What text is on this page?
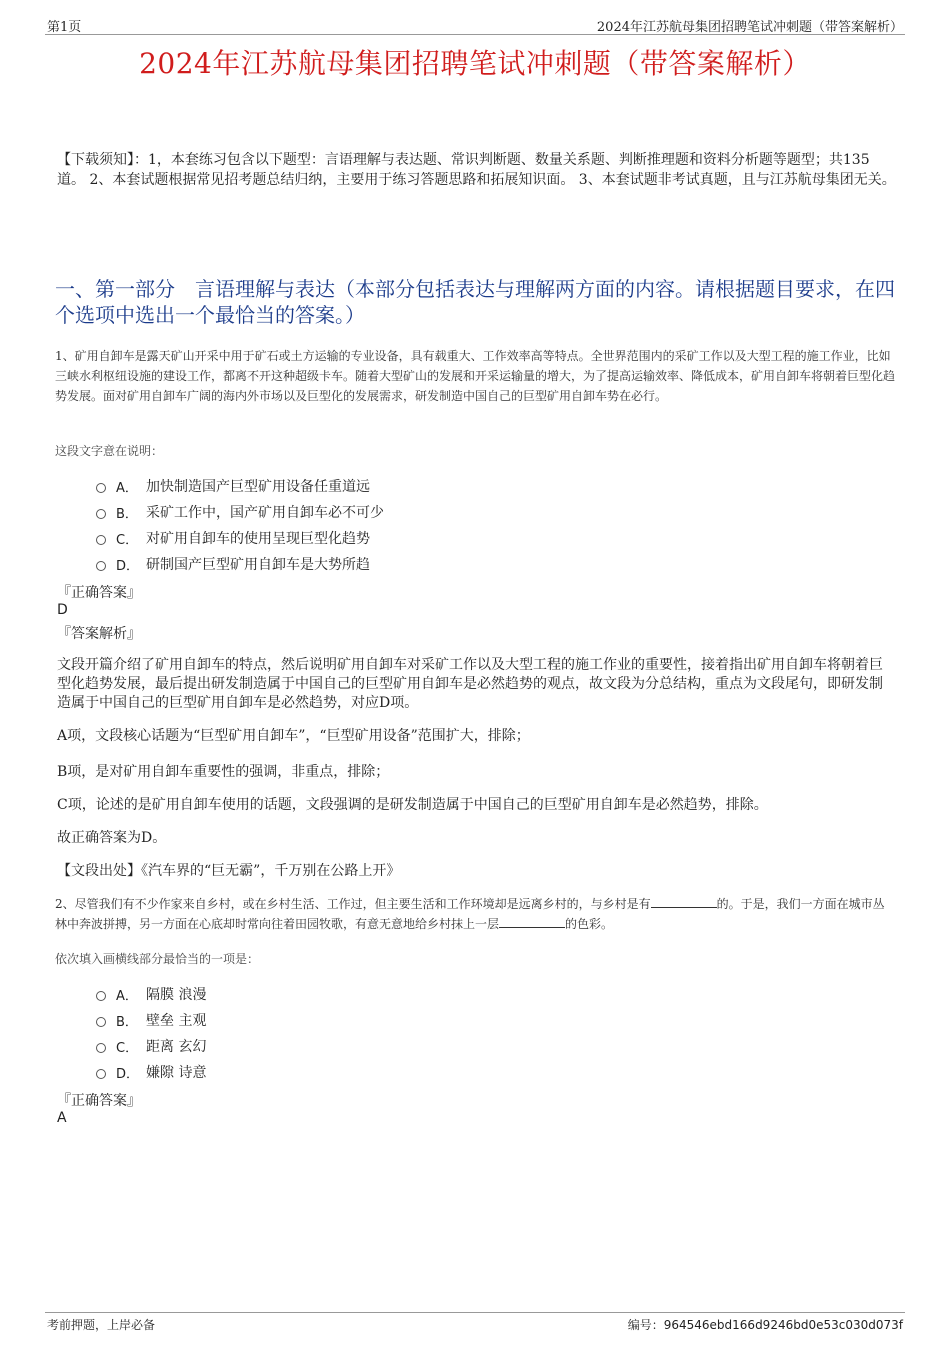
第1页	2024年江苏航母集团招聘笔试冲刺题（带答案解析）
2024年江苏航母集团招聘笔试冲刺题（带答案解析）
【下载须知】：1，本套练习包含以下题型：言语理解与表达题、常识判断题、数量关系题、判断推理题和资料分析题等题型；共135道。 2、本套试题根据常见招考题总结归纳，主要用于练习答题思路和拓展知识面。 3、本套试题非考试真题，且与江苏航母集团无关。
一、第一部分　言语理解与表达（本部分包括表达与理解两方面的内容。请根据题目要求，在四个选项中选出一个最恰当的答案。）
1、矿用自卸车是露天矿山开采中用于矿石或土方运输的专业设备，具有载重大、工作效率高等特点。全世界范围内的采矿工作以及大型工程的施工作业，比如三峡水利枢纽设施的建设工作，都离不开这种超级卡车。随着大型矿山的发展和开采运输量的增大，为了提高运输效率、降低成本，矿用自卸车将朝着巨型化趋势发展。面对矿用自卸车广阔的海内外市场以及巨型化的发展需求，研发制造中国自己的巨型矿用自卸车势在必行。
这段文字意在说明：
A． 加快制造国产巨型矿用设备任重道远
B． 采矿工作中，国产矿用自卸车必不可少
C． 对矿用自卸车的使用呈现巨型化趋势
D． 研制国产巨型矿用自卸车是大势所趋
『正确答案』
D
『答案解析』
文段开篇介绍了矿用自卸车的特点，然后说明矿用自卸车对采矿工作以及大型工程的施工作业的重要性，接着指出矿用自卸车将朝着巨型化趋势发展，最后提出研发制造属于中国自己的巨型矿用自卸车是必然趋势的观点，故文段为分总结构，重点为文段尾句，即研发制造属于中国自己的巨型矿用自卸车是必然趋势，对应D项。
A项，文段核心话题为“巨型矿用自卸车”，“巨型矿用设备”范围扩大，排除；
B项，是对矿用自卸车重要性的强调，非重点，排除；
C项，论述的是矿用自卸车使用的话题，文段强调的是研发制造属于中国自己的巨型矿用自卸车是必然趋势，排除。
故正确答案为D。
【文段出处】《汽车界的“巨无霸”，千万别在公路上开》
2、尽管我们有不少作家来自乡村，或在乡村生活、工作过，但主要生活和工作环境却是远离乡村的，与乡村是有	的。于是，我们一方面在城市丛林中奔波拼搏，另一方面在心底却时常向往着田园牧歌，有意无意地给乡村抹上一层	的色彩。
依次填入画横线部分最恰当的一项是：
A． 隔膜 浪漫
B． 壁垒 主观
C． 距离 玄幻
D． 嫌隙 诗意
『正确答案』
A
考前押题，上岸必备	编号：964546ebd166d9246bd0e53c030d073f
